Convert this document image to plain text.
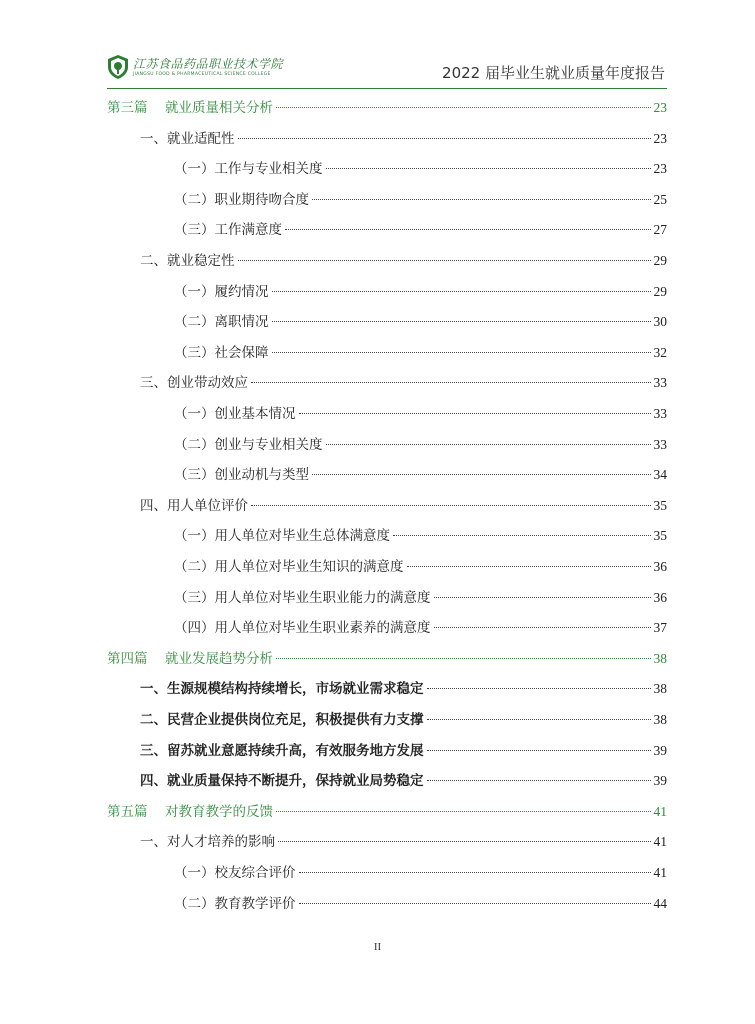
江苏食品药品职业技术学院
JIANGSU FOOD & PHARMACEUTICAL SCIENCE COLLEGE	2022 届毕业生就业质量年度报告
第三篇 就业质量相关分析	23
一、就业适配性	23
（一）工作与专业相关度	23
（二）职业期待吻合度	25
（三）工作满意度	27
二、就业稳定性	29
（一）履约情况	29
（二）离职情况	30
（三）社会保障	32
三、创业带动效应	33
（一）创业基本情况	33
（二）创业与专业相关度	33
（三）创业动机与类型	34
四、用人单位评价	35
（一）用人单位对毕业生总体满意度	35
（二）用人单位对毕业生知识的满意度	36
（三）用人单位对毕业生职业能力的满意度	36
（四）用人单位对毕业生职业素养的满意度	37
第四篇 就业发展趋势分析	38
一、生源规模结构持续增长，市场就业需求稳定	38
二、民营企业提供岗位充足，积极提供有力支撑	38
三、留苏就业意愿持续升高，有效服务地方发展	39
四、就业质量保持不断提升，保持就业局势稳定	39
第五篇 对教育教学的反馈	41
一、对人才培养的影响	41
（一）校友综合评价	41
（二）教育教学评价	44
II
